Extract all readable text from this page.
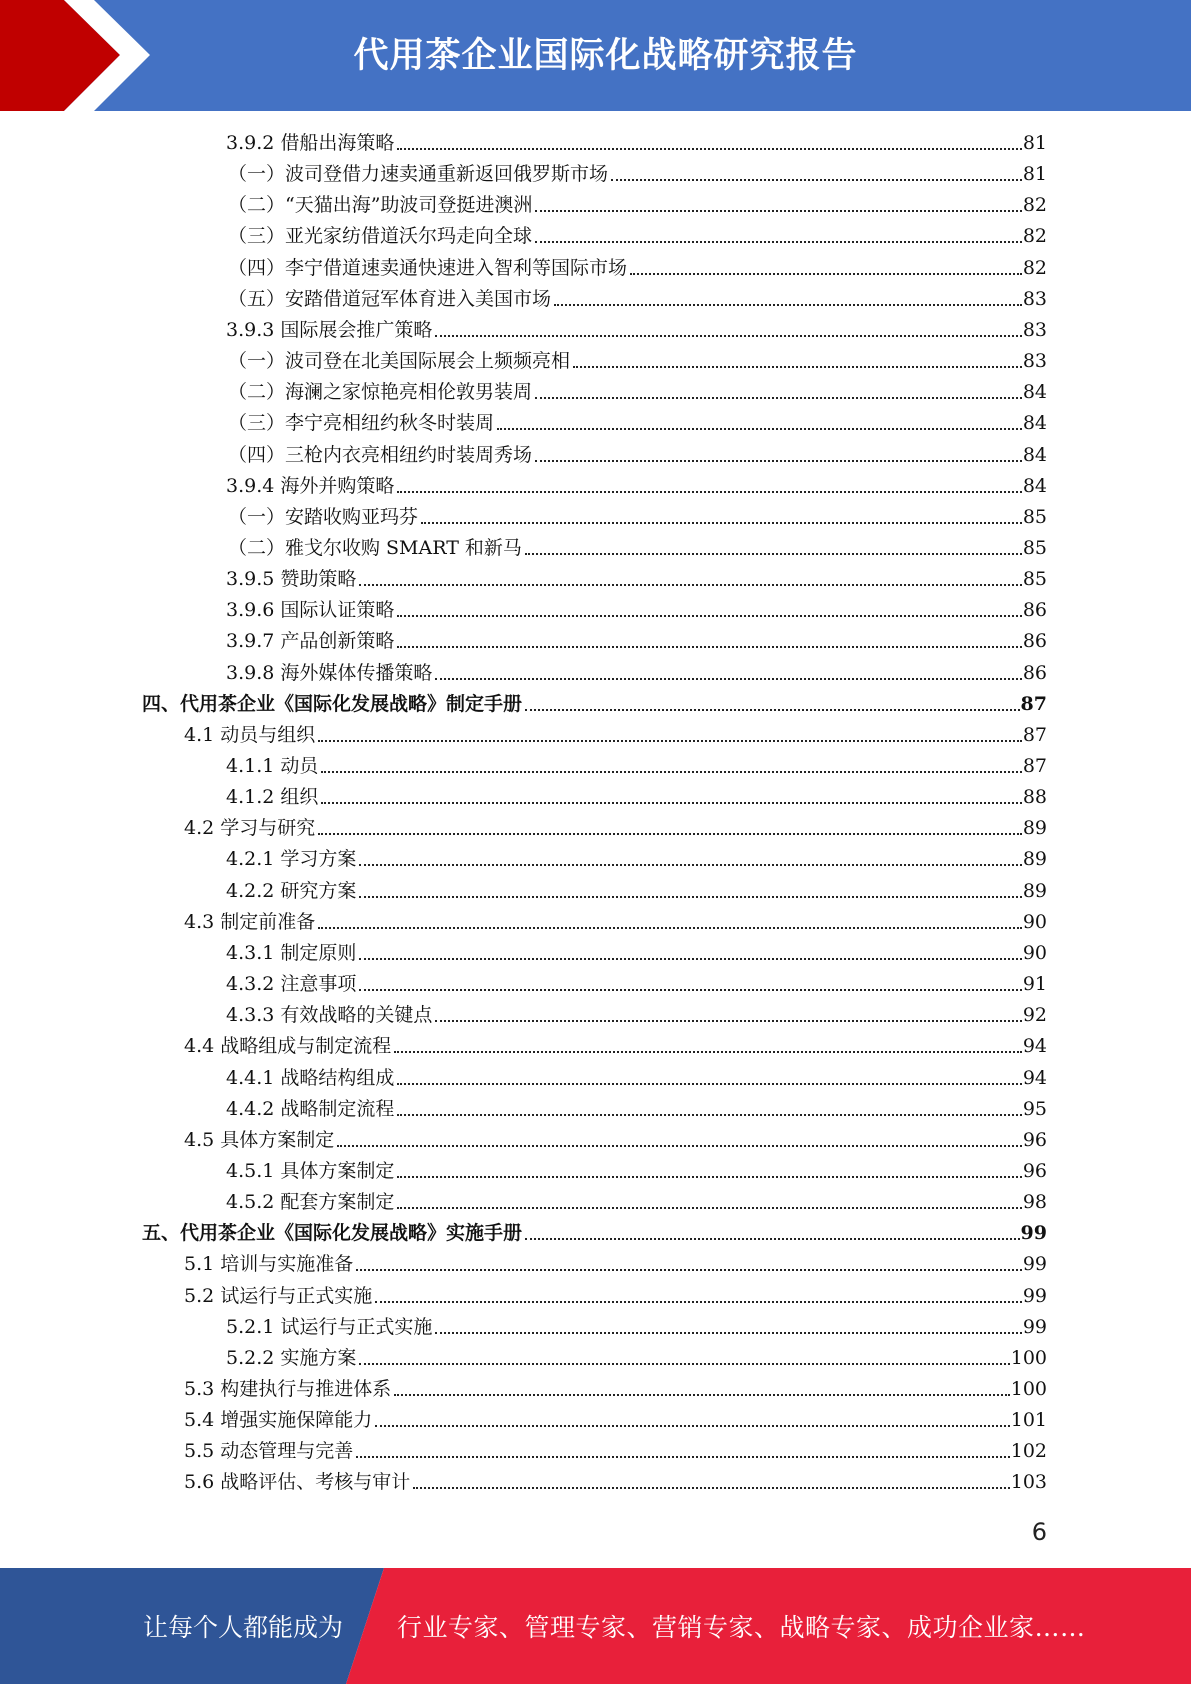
代用茶企业国际化战略研究报告
3.9.2 借船出海策略	81
（一）波司登借力速卖通重新返回俄罗斯市场	81
（二）“天猫出海”助波司登挺进澳洲	82
（三）亚光家纺借道沃尔玛走向全球	82
（四）李宁借道速卖通快速进入智利等国际市场	82
（五）安踏借道冠军体育进入美国市场	83
3.9.3 国际展会推广策略	83
（一）波司登在北美国际展会上频频亮相	83
（二）海澜之家惊艳亮相伦敦男装周	84
（三）李宁亮相纽约秋冬时装周	84
（四）三枪内衣亮相纽约时装周秀场	84
3.9.4 海外并购策略	84
（一）安踏收购亚玛芬	85
（二）雅戈尔收购 SMART 和新马	85
3.9.5 赞助策略	85
3.9.6 国际认证策略	86
3.9.7 产品创新策略	86
3.9.8 海外媒体传播策略	86
四、代用茶企业《国际化发展战略》制定手册	87
4.1 动员与组织	87
4.1.1 动员	87
4.1.2 组织	88
4.2 学习与研究	89
4.2.1 学习方案	89
4.2.2 研究方案	89
4.3 制定前准备	90
4.3.1 制定原则	90
4.3.2 注意事项	91
4.3.3 有效战略的关键点	92
4.4 战略组成与制定流程	94
4.4.1 战略结构组成	94
4.4.2 战略制定流程	95
4.5 具体方案制定	96
4.5.1 具体方案制定	96
4.5.2 配套方案制定	98
五、代用茶企业《国际化发展战略》实施手册	99
5.1 培训与实施准备	99
5.2 试运行与正式实施	99
5.2.1 试运行与正式实施	99
5.2.2 实施方案	100
5.3 构建执行与推进体系	100
5.4 增强实施保障能力	101
5.5 动态管理与完善	102
5.6 战略评估、考核与审计	103
6
让每个人都能成为 行业专家、管理专家、营销专家、战略专家、成功企业家……
